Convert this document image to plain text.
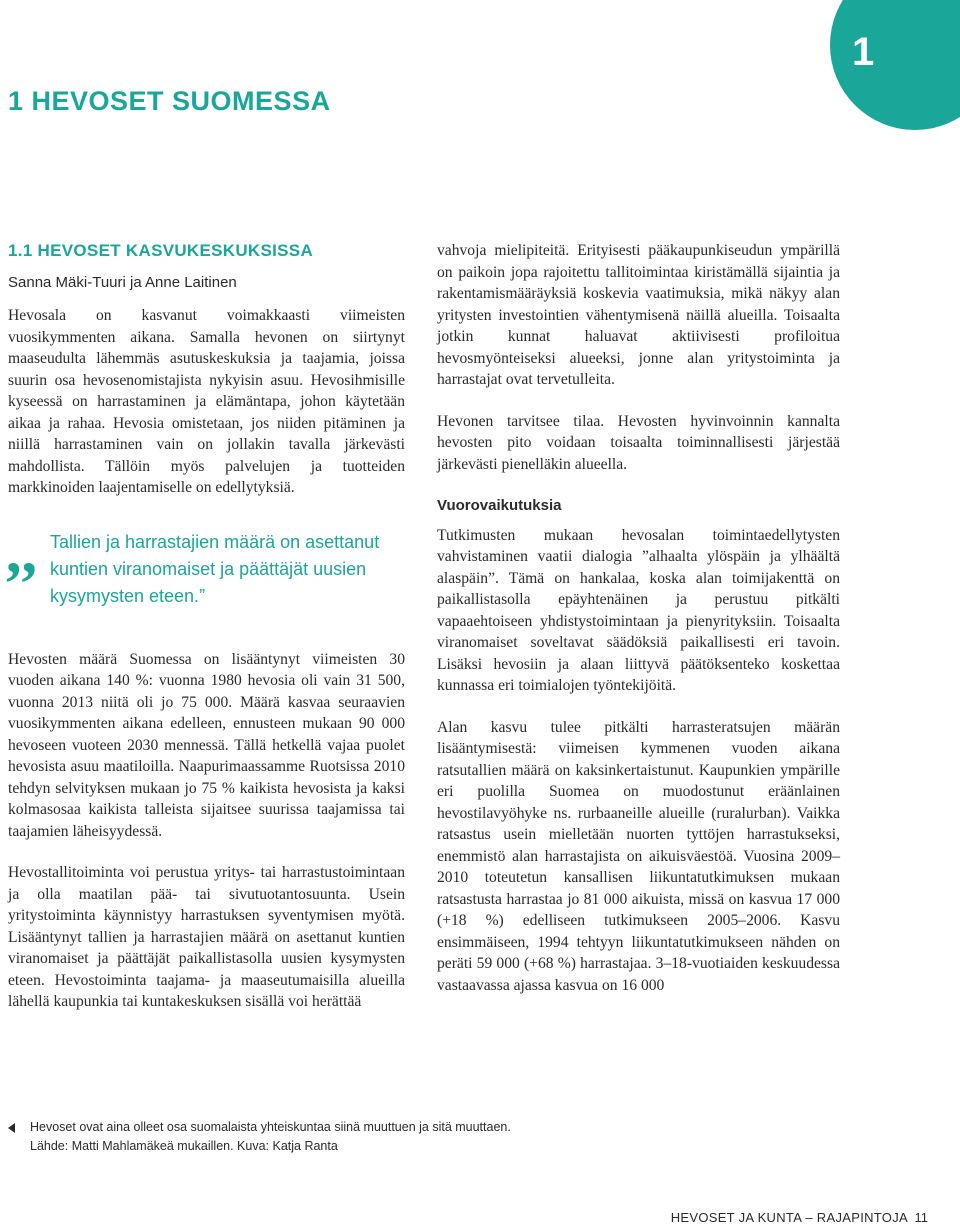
1
1 HEVOSET SUOMESSA
1.1 HEVOSET KASVUKESKUKSISSA
Sanna Mäki-Tuuri ja Anne Laitinen

Hevosala on kasvanut voimakkaasti viimeisten vuosikymmenten aikana. Samalla hevonen on siirtynyt maaseudulta lähemmäs asutuskeskuksia ja taajamia, joissa suurin osa hevosenomistajista nykyisin asuu. Hevosihmisille kyseessä on harrastaminen ja elämäntapa, johon käytetään aikaa ja rahaa. Hevosia omistetaan, jos niiden pitäminen ja niillä harrastaminen vain on jollakin tavalla järkevästi mahdollista. Tällöin myös palvelujen ja tuotteiden markkinoiden laajentamiselle on edellytyksiä.

,, Tallien ja harrastajien määrä on asettanut kuntien viranomaiset ja päättäjät uusien kysymysten eteen.”

Hevosten määrä Suomessa on lisääntynyt viimeisten 30 vuoden aikana 140 %: vuonna 1980 hevosia oli vain 31 500, vuonna 2013 niitä oli jo 75 000. Määrä kasvaa seuraavien vuosikymmenten aikana edelleen, ennusteen mukaan 90 000 hevoseen vuoteen 2030 mennessä. Tällä hetkellä vajaa puolet hevosista asuu maatiloilla. Naapurimaassamme Ruotsissa 2010 tehdyn selvityksen mukaan jo 75 % kaikista hevosista ja kaksi kolmasosaa kaikista talleista sijaitsee suurissa taajamissa tai taajamien läheisyydessä.

Hevostallitoiminta voi perustua yritys- tai harrastustoimintaan ja olla maatilan pää- tai sivutuotantosuunta. Usein yritystoiminta käynnistyy harrastuksen syventymisen myötä. Lisääntynyt tallien ja harrastajien määrä on asettanut kuntien viranomaiset ja päättäjät paikallistasolla uusien kysymysten eteen. Hevostoiminta taajama- ja maaseutumaisilla alueilla lähellä kaupunkia tai kuntakeskuksen sisällä voi herättää

vahvoja mielipiteitä. Erityisesti pääkaupunkiseudun ympärillä on paikoin jopa rajoitettu tallitoimintaa kiristämällä sijaintia ja rakentamismääräyksiä koskevia vaatimuksia, mikä näkyy alan yritysten investointien vähentymisenä näillä alueilla. Toisaalta jotkin kunnat haluavat aktiivisesti profiloitua hevosmyönteiseksi alueeksi, jonne alan yritystoiminta ja harrastajat ovat tervetulleita.

Hevonen tarvitsee tilaa. Hevosten hyvinvoinnin kannalta hevosten pito voidaan toisaalta toiminnallisesti järjestää järkevästi pienelläkin alueella.

Vuorovaikutuksia

Tutkimusten mukaan hevosalan toimintaedellytysten vahvistaminen vaatii dialogia ”alhaalta ylöspäin ja ylhäältä alaspäin”. Tämä on hankalaa, koska alan toimijakenttä on paikallistasolla epäyhtenäinen ja perustuu pitkälti vapaaehtoiseen yhdistystoimintaan ja pienyrityksiin. Toisaalta viranomaiset soveltavat säädöksiä paikallisesti eri tavoin. Lisäksi hevosiin ja alaan liittyvä päätöksenteko koskettaa kunnassa eri toimialojen työntekijöitä.

Alan kasvu tulee pitkälti harrasteratsujen määrän lisääntymisestä: viimeisen kymmenen vuoden aikana ratsutallien määrä on kaksinkertaistunut. Kaupunkien ympärille eri puolilla Suomea on muodostunut eräänlainen hevostilavyöhyke ns. rurbaaneille alueille (ruralurban). Vaikka ratsastus usein mielletään nuorten tyttöjen harrastukseksi, enemmistö alan harrastajista on aikuisväestöä. Vuosina 2009–2010 toteutetun kansallisen liikuntatutkimuksen mukaan ratsastusta harrastaa jo 81 000 aikuista, missä on kasvua 17 000 (+18 %) edelliseen tutkimukseen 2005–2006. Kasvu ensimmäiseen, 1994 tehtyyn liikuntatutkimukseen nähden on peräti 59 000 (+68 %) harrastajaa. 3–18-vuotiaiden keskuudessa vastaavassa ajassa kasvua on 16 000

Hevoset ovat aina olleet osa suomalaista yhteiskuntaa siinä muuttuen ja sitä muuttaen.
Lähde: Matti Mahlamäkeä mukaillen. Kuva: Katja Ranta
HEVOSET JA KUNTA – RAJAPINTOJA 11
